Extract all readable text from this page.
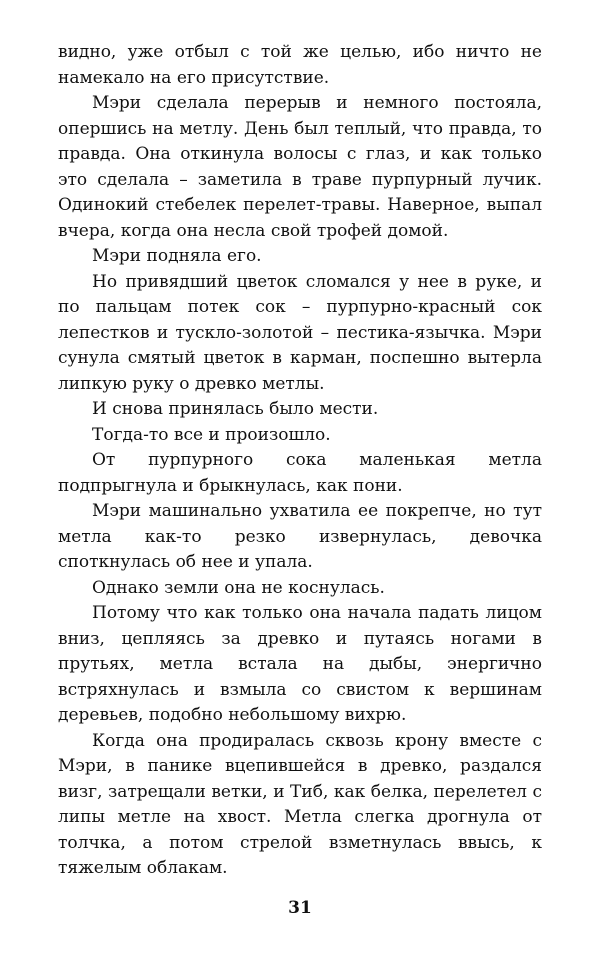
видно, уже отбыл с той же целью, ибо ничто не намекало на его присутствие.

Мэри сделала перерыв и немного постояла, опершись на метлу. День был теплый, что правда, то правда. Она откинула волосы с глаз, и как только это сделала – заметила в траве пурпурный лучик. Одинокий стебелек перелет-травы. Наверное, выпал вчера, когда она несла свой трофей домой.

Мэри подняла его.

Но привядший цветок сломался у нее в руке, и по пальцам потек сок – пурпурно-красный сок лепестков и тускло-золотой – пестика-язычка. Мэри сунула смятый цветок в карман, поспешно вытерла липкую руку о древко метлы.

И снова принялась было мести.

Тогда-то все и произошло.

От пурпурного сока маленькая метла подпрыгнула и брыкнулась, как пони.

Мэри машинально ухватила ее покрепче, но тут метла как-то резко извернулась, девочка споткнулась об нее и упала.

Однако земли она не коснулась.

Потому что как только она начала падать лицом вниз, цепляясь за древко и путаясь ногами в прутьях, метла встала на дыбы, энергично встряхнулась и взмыла со свистом к вершинам деревьев, подобно небольшому вихрю.

Когда она продиралась сквозь крону вместе с Мэри, в панике вцепившейся в древко, раздался визг, затрещали ветки, и Тиб, как белка, перелетел с липы метле на хвост. Метла слегка дрогнула от толчка, а потом стрелой взметнулась ввысь, к тяжелым облакам.

31
